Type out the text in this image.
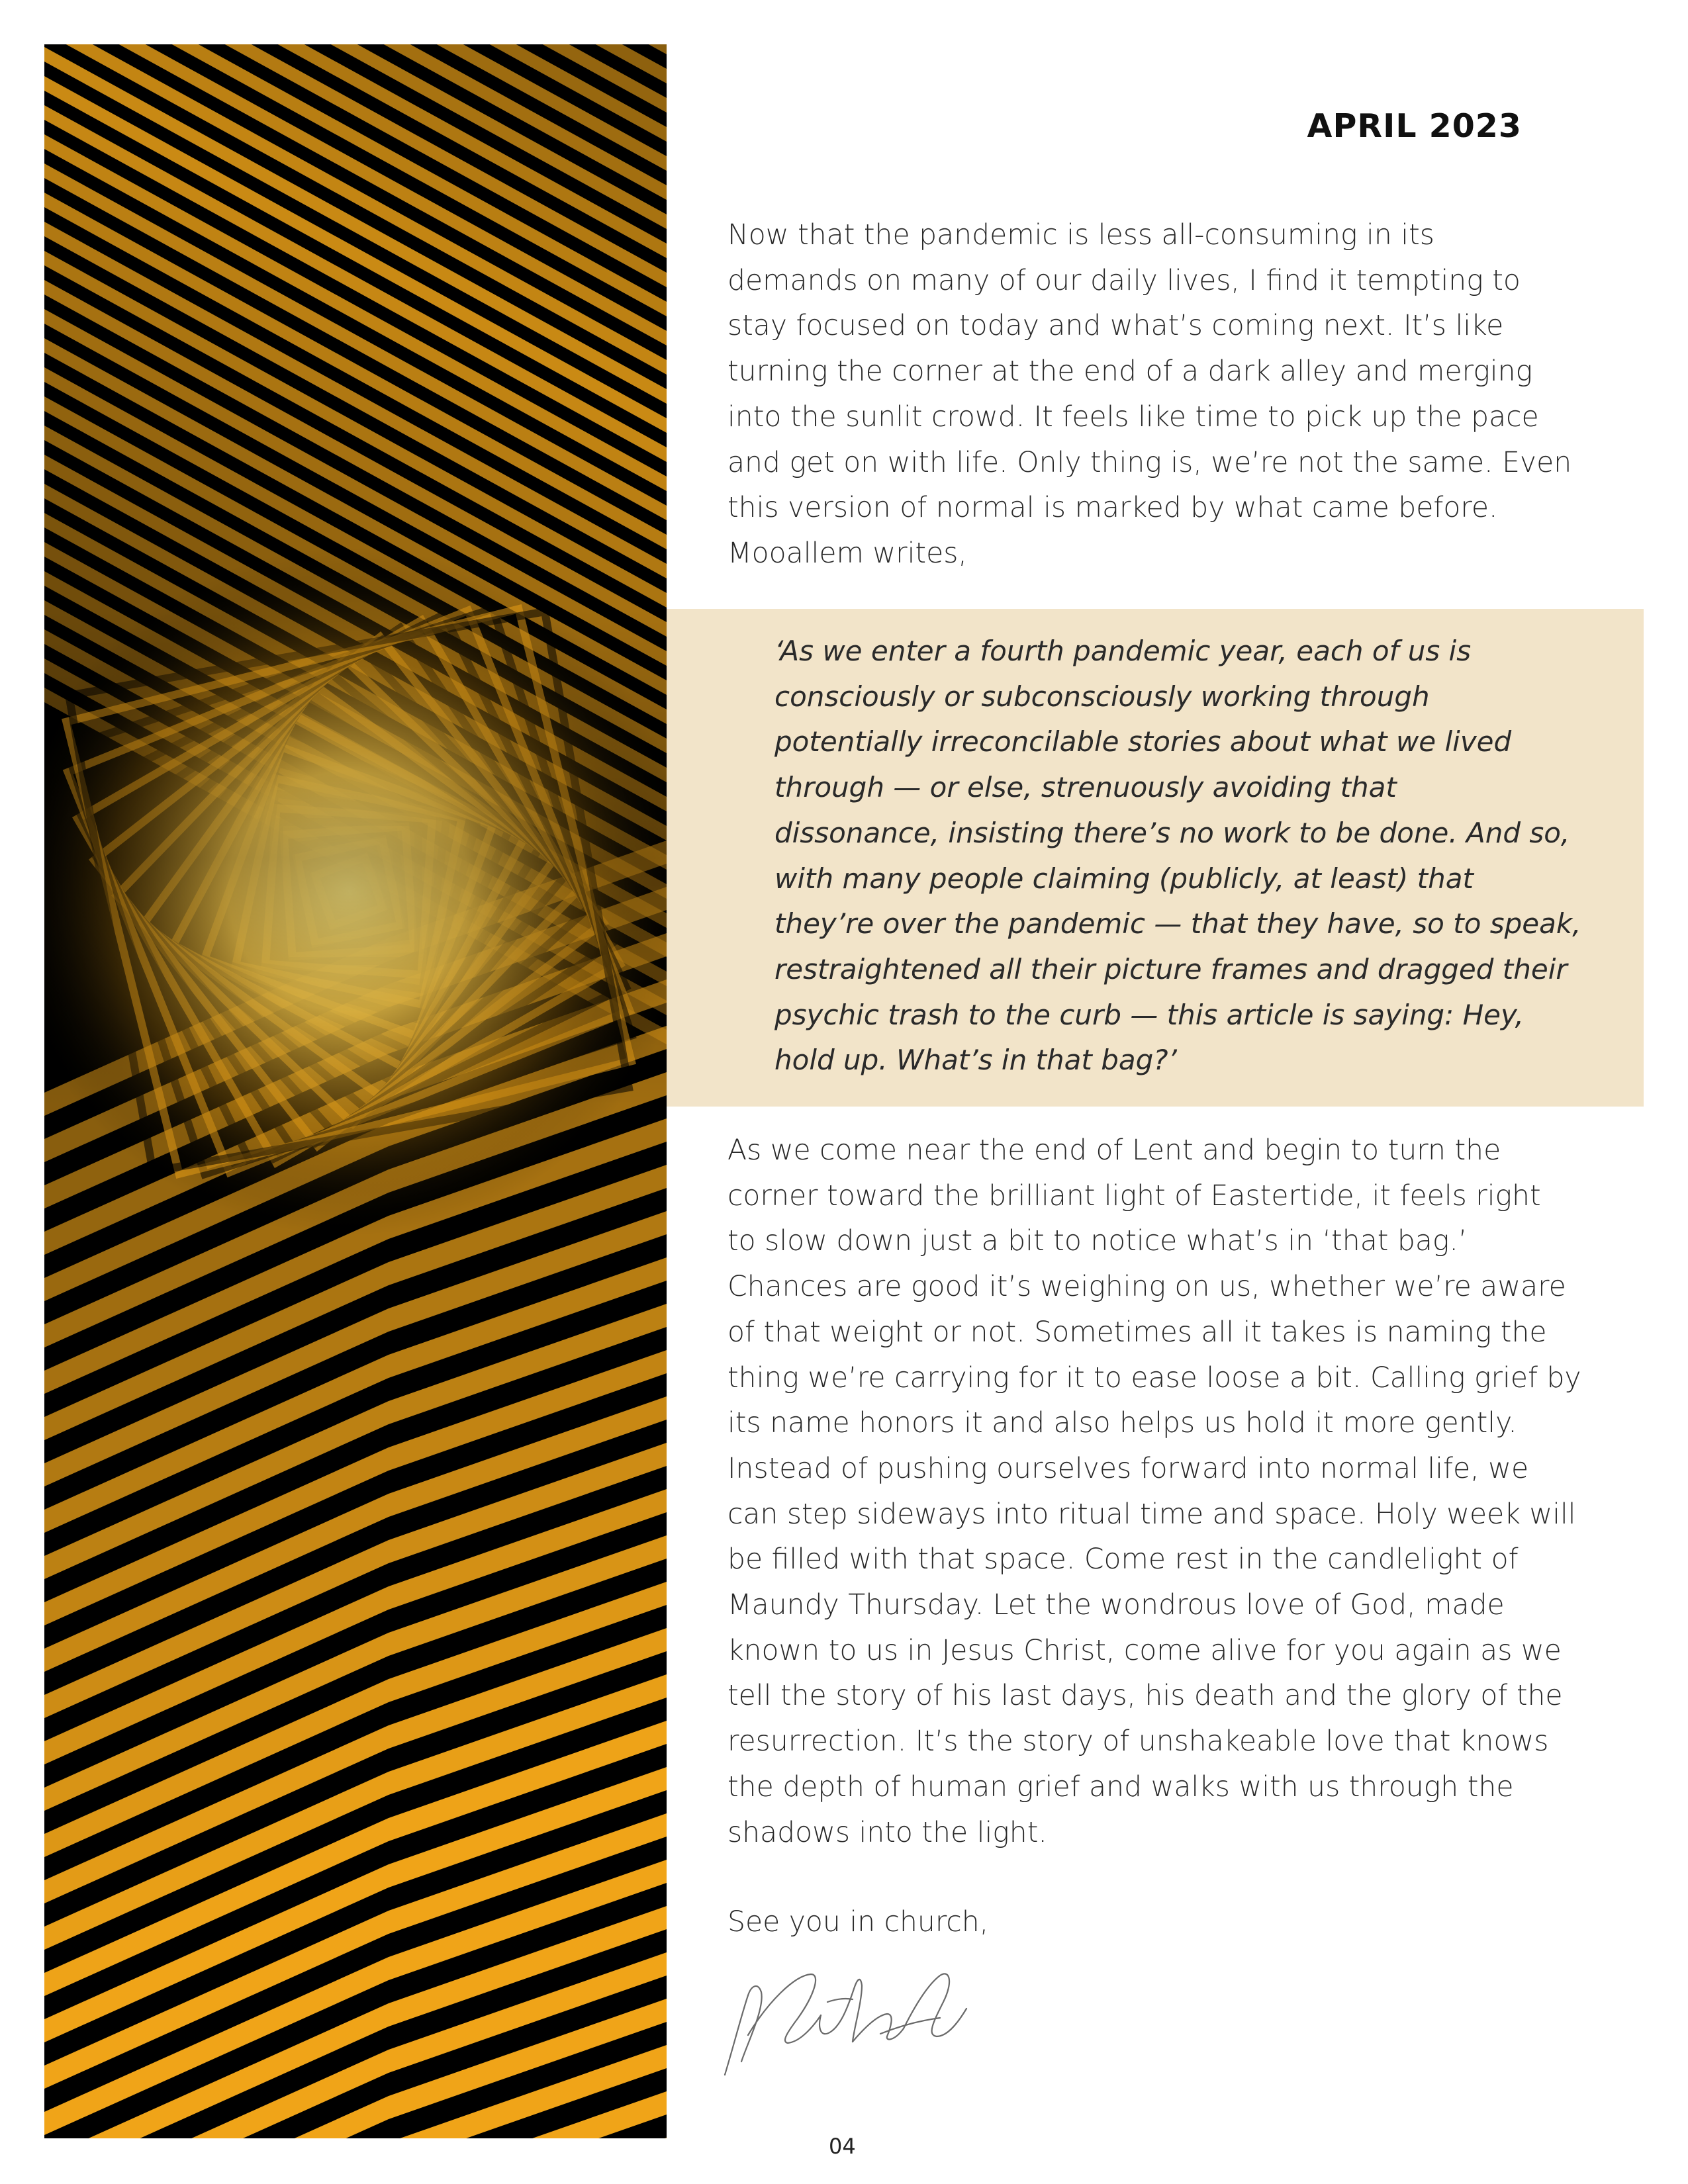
APRIL 2023

Now that the pandemic is less all-consuming in its
demands on many of our daily lives, I find it tempting to
stay focused on today and what’s coming next. It’s like
turning the corner at the end of a dark alley and merging
into the sunlit crowd. It feels like time to pick up the pace
and get on with life. Only thing is, we’re not the same. Even
this version of normal is marked by what came before.
Mooallem writes,

‘As we enter a fourth pandemic year, each of us is
consciously or subconsciously working through
potentially irreconcilable stories about what we lived
through — or else, strenuously avoiding that
dissonance, insisting there’s no work to be done. And so,
with many people claiming (publicly, at least) that
they’re over the pandemic — that they have, so to speak,
restraightened all their picture frames and dragged their
psychic trash to the curb — this article is saying: Hey,
hold up. What’s in that bag?’

As we come near the end of Lent and begin to turn the
corner toward the brilliant light of Eastertide, it feels right
to slow down just a bit to notice what’s in ‘that bag.’
Chances are good it’s weighing on us, whether we’re aware
of that weight or not. Sometimes all it takes is naming the
thing we’re carrying for it to ease loose a bit. Calling grief by
its name honors it and also helps us hold it more gently.
Instead of pushing ourselves forward into normal life, we
can step sideways into ritual time and space. Holy week will
be filled with that space. Come rest in the candlelight of
Maundy Thursday. Let the wondrous love of God, made
known to us in Jesus Christ, come alive for you again as we
tell the story of his last days, his death and the glory of the
resurrection. It’s the story of unshakeable love that knows
the depth of human grief and walks with us through the
shadows into the light.

See you in church,

04
